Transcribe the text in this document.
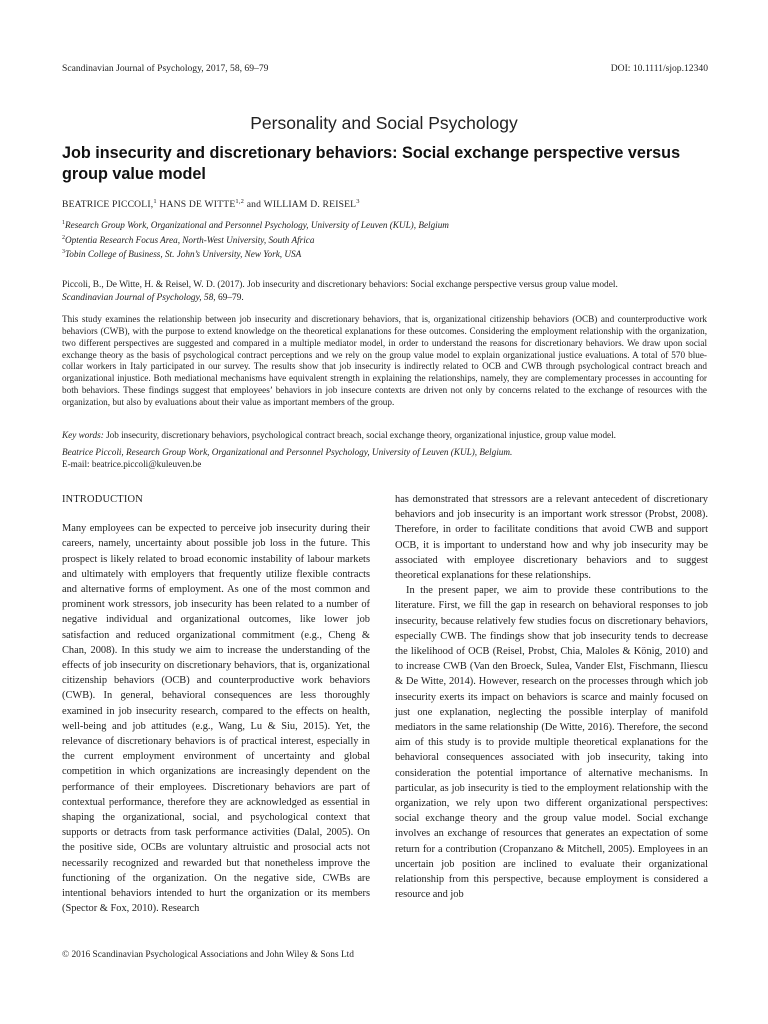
Scandinavian Journal of Psychology, 2017, 58, 69–79	DOI: 10.1111/sjop.12340
Personality and Social Psychology
Job insecurity and discretionary behaviors: Social exchange perspective versus group value model
BEATRICE PICCOLI,$^1$ HANS DE WITTE$^{1,2}$ and WILLIAM D. REISEL$^3$
$^1$Research Group Work, Organizational and Personnel Psychology, University of Leuven (KUL), Belgium
$^2$Optentia Research Focus Area, North-West University, South Africa
$^3$Tobin College of Business, St. John’s University, New York, USA
Piccoli, B., De Witte, H. & Reisel, W. D. (2017). Job insecurity and discretionary behaviors: Social exchange perspective versus group value model.
Scandinavian Journal of Psychology, 58, 69–79.
This study examines the relationship between job insecurity and discretionary behaviors, that is, organizational citizenship behaviors (OCB) and counterproductive work behaviors (CWB), with the purpose to extend knowledge on the theoretical explanations for these outcomes. Considering the employment relationship with the organization, two different perspectives are suggested and compared in a multiple mediator model, in order to understand the reasons for discretionary behaviors. We draw upon social exchange theory as the basis of psychological contract perceptions and we rely on the group value model to explain organizational justice evaluations. A total of 570 blue-collar workers in Italy participated in our survey. The results show that job insecurity is indirectly related to OCB and CWB through psychological contract breach and organizational injustice. Both mediational mechanisms have equivalent strength in explaining the relationships, namely, they are complementary processes in accounting for both behaviors. These findings suggest that employees’ behaviors in job insecure contexts are driven not only by concerns related to the exchange of resources with the organization, but also by evaluations about their value as important members of the group.
Key words: Job insecurity, discretionary behaviors, psychological contract breach, social exchange theory, organizational injustice, group value model.
Beatrice Piccoli, Research Group Work, Organizational and Personnel Psychology, University of Leuven (KUL), Belgium.
E-mail: beatrice.piccoli@kuleuven.be
INTRODUCTION

Many employees can be expected to perceive job insecurity during their careers, namely, uncertainty about possible job loss in the future. This prospect is likely related to broad economic instability of labour markets and ultimately with employers that frequently utilize flexible contracts and alternative forms of employment. As one of the most common and prominent work stressors, job insecurity has been related to a number of negative individual and organizational outcomes, like lower job satisfaction and reduced organizational commitment (e.g., Cheng & Chan, 2008). In this study we aim to increase the understanding of the effects of job insecurity on discretionary behaviors, that is, organizational citizenship behaviors (OCB) and counterproductive work behaviors (CWB). In general, behavioral consequences are less thoroughly examined in job insecurity research, compared to the effects on health, well-being and job attitudes (e.g., Wang, Lu & Siu, 2015). Yet, the relevance of discretionary behaviors is of practical interest, especially in the current employment environment of uncertainty and global competition in which organizations are increasingly dependent on the performance of their employees. Discretionary behaviors are part of contextual performance, therefore they are acknowledged as essential in shaping the organizational, social, and psychological context that supports or detracts from task performance activities (Dalal, 2005). On the positive side, OCBs are voluntary altruistic and prosocial acts not necessarily recognized and rewarded but that nonetheless improve the functioning of the organization. On the negative side, CWBs are intentional behaviors intended to hurt the organization or its members (Spector & Fox, 2010). Research

has demonstrated that stressors are a relevant antecedent of discretionary behaviors and job insecurity is an important work stressor (Probst, 2008). Therefore, in order to facilitate conditions that avoid CWB and support OCB, it is important to understand how and why job insecurity may be associated with employee discretionary behaviors and to suggest theoretical explanations for these relationships.

In the present paper, we aim to provide these contributions to the literature. First, we fill the gap in research on behavioral responses to job insecurity, because relatively few studies focus on discretionary behaviors, especially CWB. The findings show that job insecurity tends to decrease the likelihood of OCB (Reisel, Probst, Chia, Maloles & König, 2010) and to increase CWB (Van den Broeck, Sulea, Vander Elst, Fischmann, Iliescu & De Witte, 2014). However, research on the processes through which job insecurity exerts its impact on behaviors is scarce and mainly focused on just one explanation, neglecting the possible interplay of manifold mediators in the same relationship (De Witte, 2016). Therefore, the second aim of this study is to provide multiple theoretical explanations for the behavioral consequences associated with job insecurity, taking into consideration the potential importance of alternative mechanisms. In particular, as job insecurity is tied to the employment relationship with the organization, we rely upon two different organizational perspectives: social exchange theory and the group value model. Social exchange involves an exchange of resources that generates an expectation of some return for a contribution (Cropanzano & Mitchell, 2005). Employees in an uncertain job position are inclined to evaluate their organizational relationship from this perspective, because employment is considered a resource and job

© 2016 Scandinavian Psychological Associations and John Wiley & Sons Ltd
